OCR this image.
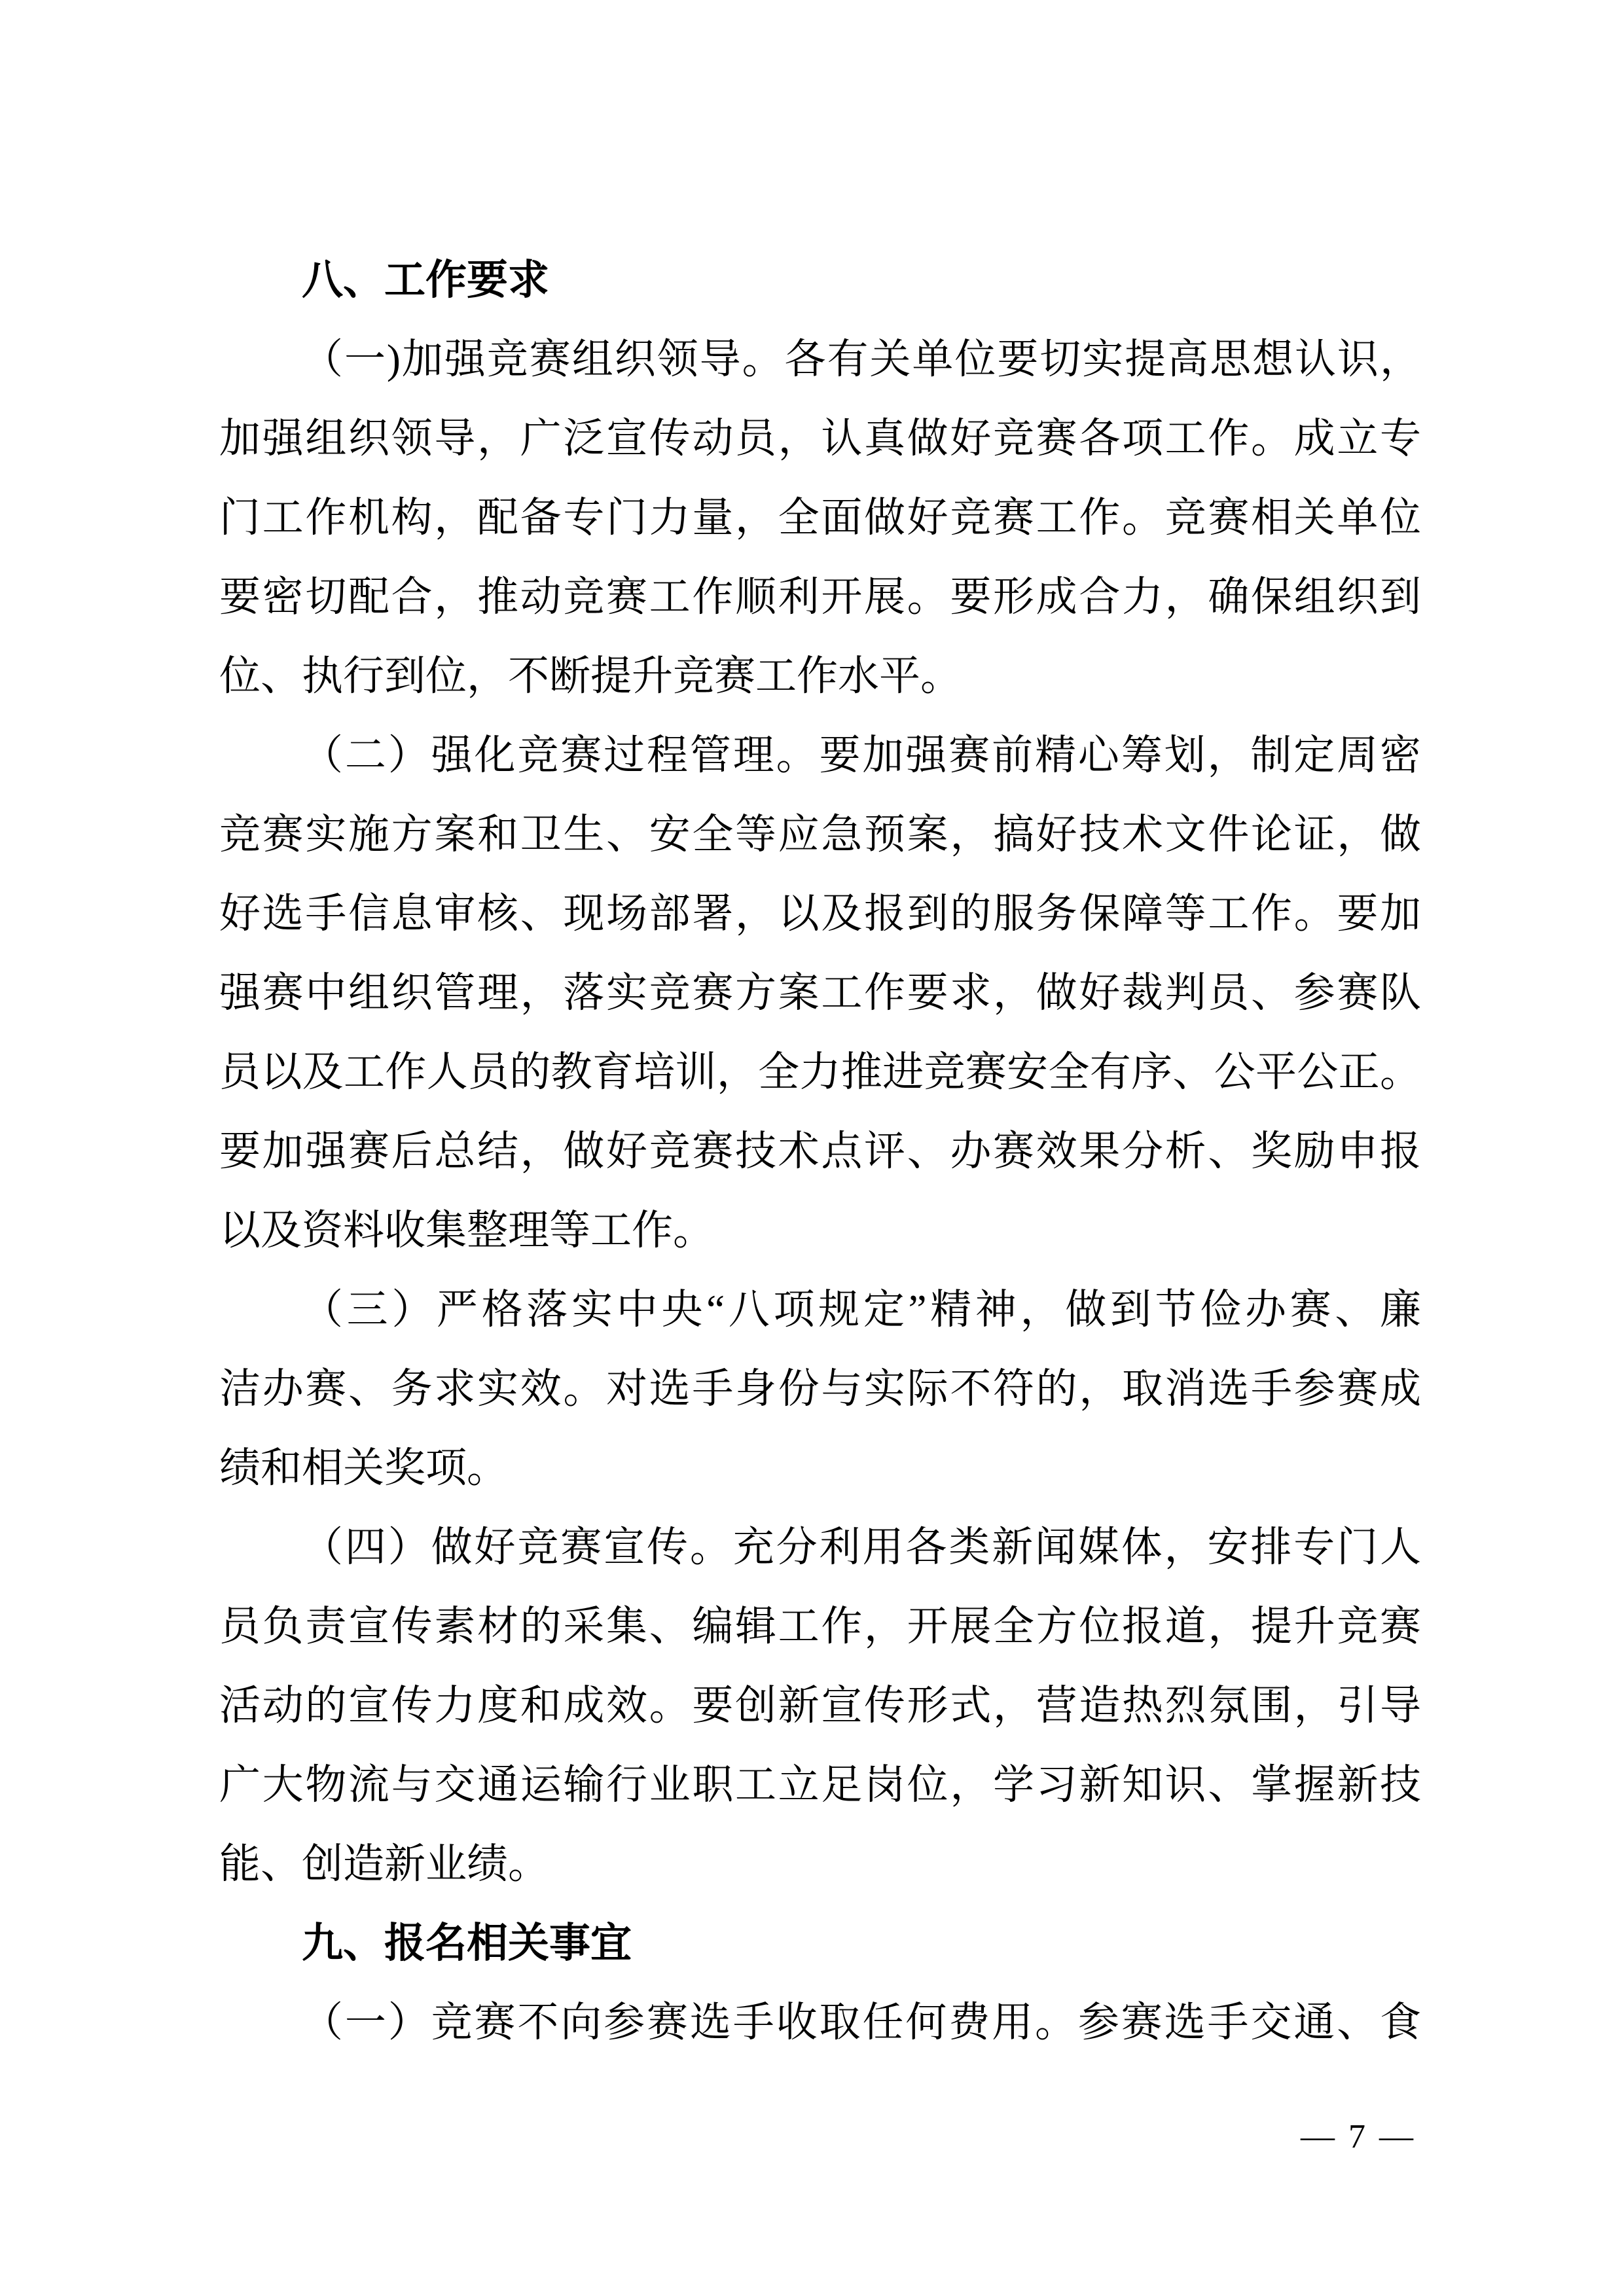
八、工作要求
（一)加强竞赛组织领导。各有关单位要切实提高思想认识，
加强组织领导，广泛宣传动员，认真做好竞赛各项工作。成立专
门工作机构，配备专门力量，全面做好竞赛工作。竞赛相关单位
要密切配合，推动竞赛工作顺利开展。要形成合力，确保组织到
位、执行到位，不断提升竞赛工作水平。
（二）强化竞赛过程管理。要加强赛前精心筹划，制定周密
竞赛实施方案和卫生、安全等应急预案，搞好技术文件论证，做
好选手信息审核、现场部署，以及报到的服务保障等工作。要加
强赛中组织管理，落实竞赛方案工作要求，做好裁判员、参赛队
员以及工作人员的教育培训，全力推进竞赛安全有序、公平公正。
要加强赛后总结，做好竞赛技术点评、办赛效果分析、奖励申报
以及资料收集整理等工作。
（三）严格落实中央“八项规定”精神，做到节俭办赛、廉
洁办赛、务求实效。对选手身份与实际不符的，取消选手参赛成
绩和相关奖项。
（四）做好竞赛宣传。充分利用各类新闻媒体，安排专门人
员负责宣传素材的采集、编辑工作，开展全方位报道，提升竞赛
活动的宣传力度和成效。要创新宣传形式，营造热烈氛围，引导
广大物流与交通运输行业职工立足岗位，学习新知识、掌握新技
能、创造新业绩。
九、报名相关事宜
（一）竞赛不向参赛选手收取任何费用。参赛选手交通、食
— 7 —
